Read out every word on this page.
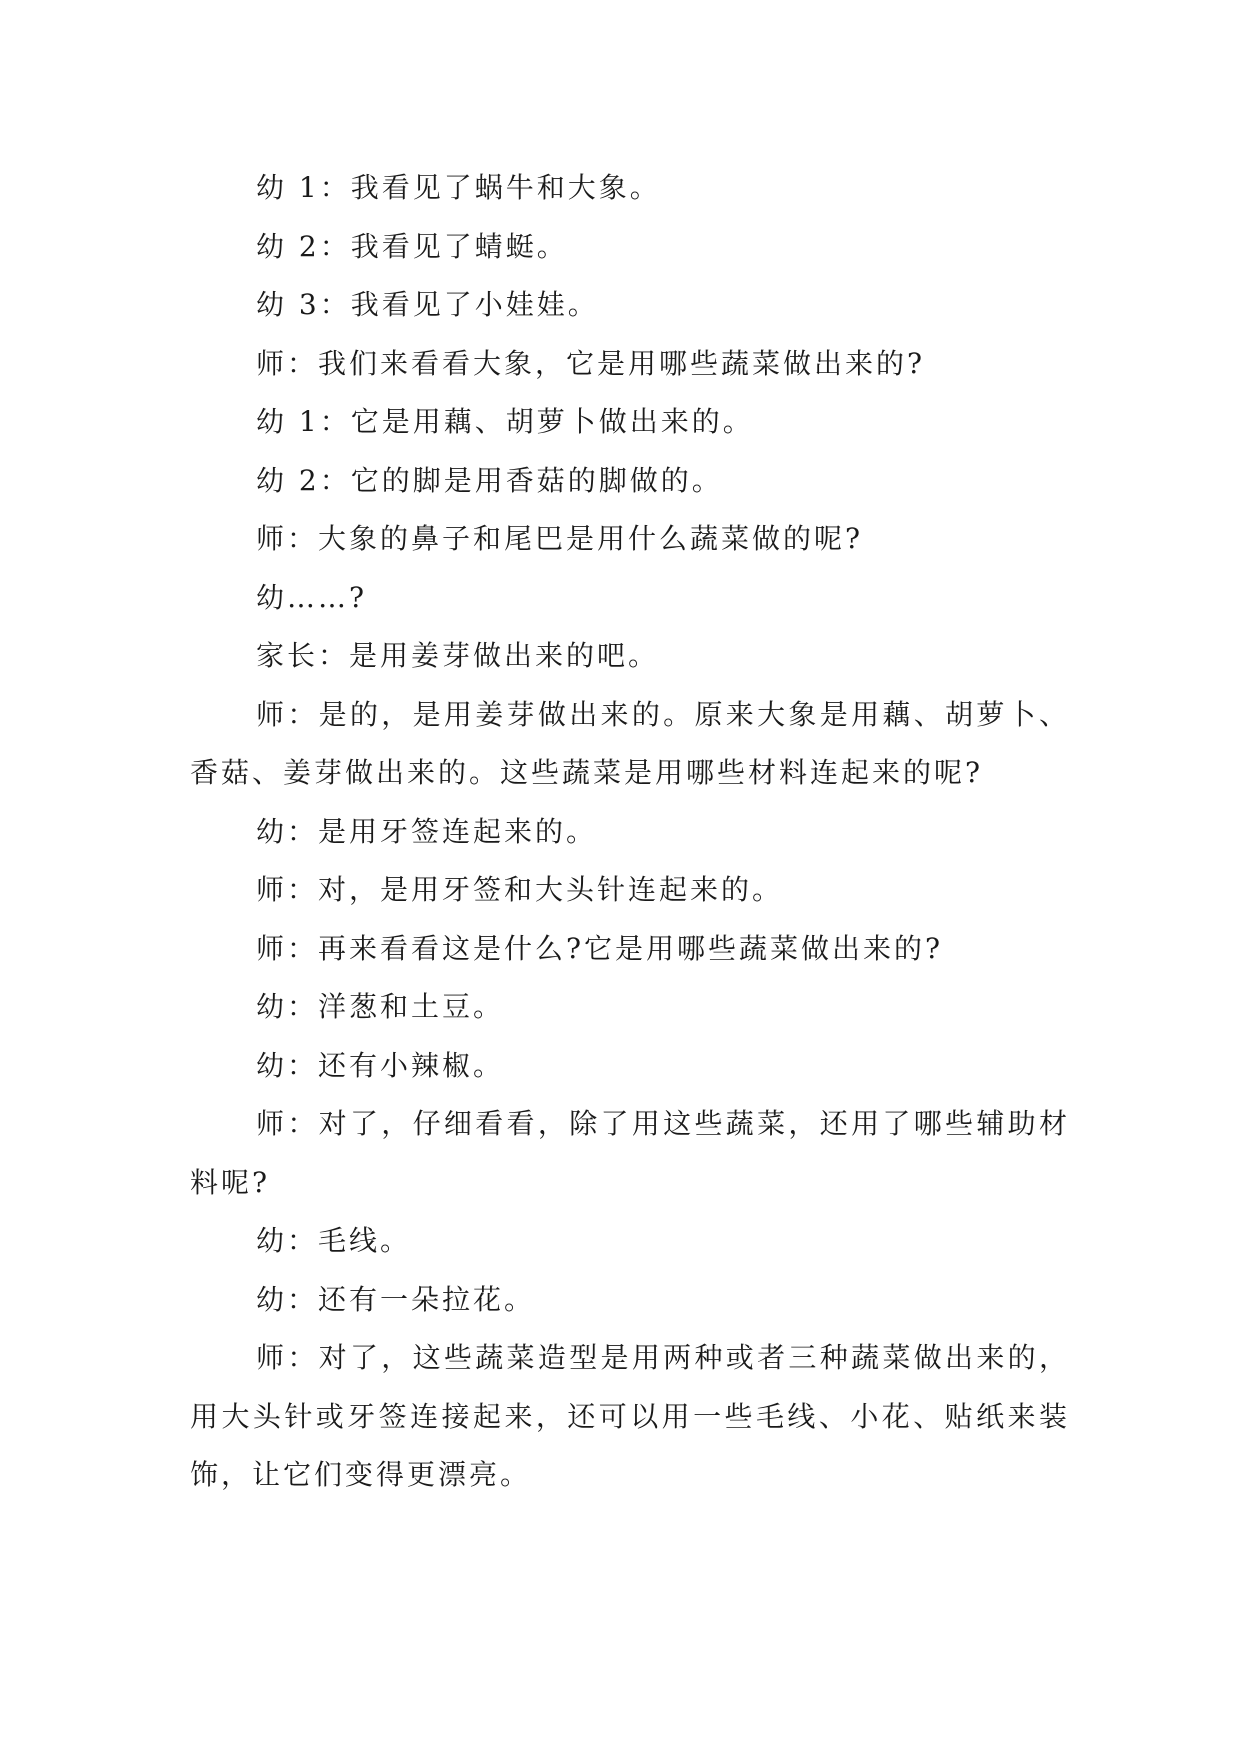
幼 1：我看见了蜗牛和大象。

幼 2：我看见了蜻蜓。

幼 3：我看见了小娃娃。

师：我们来看看大象，它是用哪些蔬菜做出来的?

幼 1：它是用藕、胡萝卜做出来的。

幼 2：它的脚是用香菇的脚做的。

师：大象的鼻子和尾巴是用什么蔬菜做的呢?

幼……?

家长：是用姜芽做出来的吧。

师：是的，是用姜芽做出来的。原来大象是用藕、胡萝卜、香菇、姜芽做出来的。这些蔬菜是用哪些材料连起来的呢?

幼：是用牙签连起来的。

师：对，是用牙签和大头针连起来的。

师：再来看看这是什么?它是用哪些蔬菜做出来的?

幼：洋葱和土豆。

幼：还有小辣椒。

师：对了，仔细看看，除了用这些蔬菜，还用了哪些辅助材料呢?

幼：毛线。

幼：还有一朵拉花。

师：对了，这些蔬菜造型是用两种或者三种蔬菜做出来的，用大头针或牙签连接起来，还可以用一些毛线、小花、贴纸来装饰，让它们变得更漂亮。
